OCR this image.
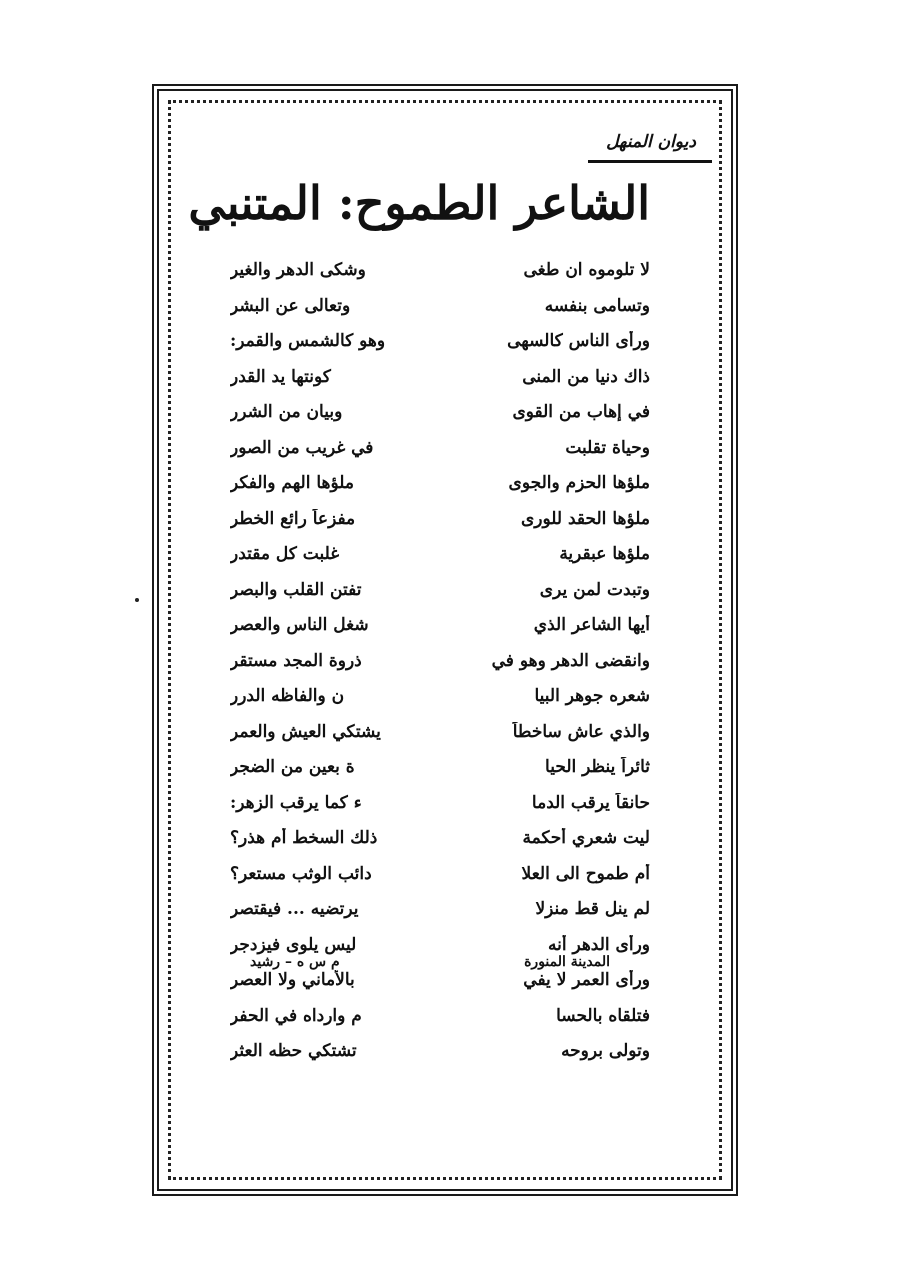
ديوان المنهل
الشاعر الطموح: المتنبي
لا تلوموه ان طغى
وشكى الدهر والغير
وتسامى بنفسه
وتعالى عن البشر
ورأى الناس كالسهى
وهو كالشمس والقمر:
ذاك دنيا من المنى
كونتها يد القدر
في إهاب من القوى
وبيان من الشرر
وحياة تقلبت
في غريب من الصور
ملؤها الحزم والجوى
ملؤها الهم والفكر
ملؤها الحقد للورى
مفزعاً رائع الخطر
ملؤها عبقرية
غلبت كل مقتدر
وتبدت لمن يرى
تفتن القلب والبصر
أيها الشاعر الذي
شغل الناس والعصر
وانقضى الدهر وهو في
ذروة المجد مستقر
شعره جوهر البيا
ن والفاظه الدرر
والذي عاش ساخطاً
يشتكي العيش والعمر
ثائراً ينظر الحيا
ة بعين من الضجر
حانقاً يرقب الدما
ء كما يرقب الزهر:
ليت شعري أحكمة
ذلك السخط أم هذر؟
أم طموح الى العلا
دائب الوثب مستعر؟
لم ينل قط منزلا
يرتضيه ... فيقتصر
ورأى الدهر أنه
ليس يلوى فيزدجر
ورأى العمر لا يفي
بالأماني ولا العصر
فتلقاه بالحسا
م وارداه في الحفر
وتولى بروحه
تشتكي حظه العثر
المدينة المنورة
م س ه – رشيد
